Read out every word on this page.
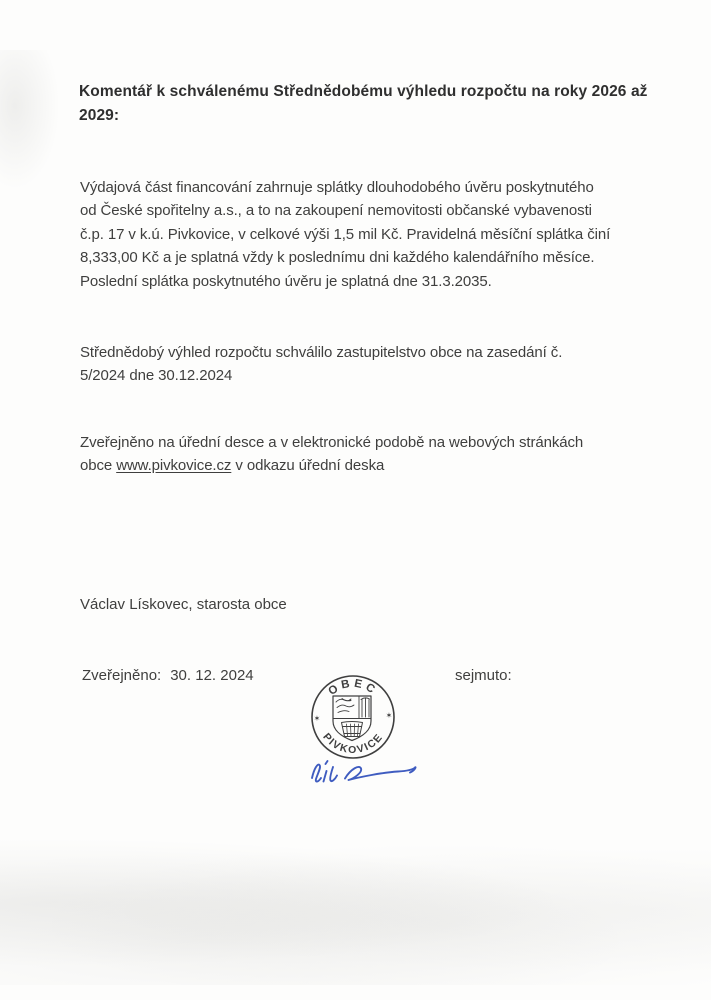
Komentář k schválenému Střednědobému výhledu rozpočtu na roky 2026 až
2029:
Výdajová část financování zahrnuje splátky dlouhodobého úvěru poskytnutého
od České spořitelny a.s., a to na zakoupení nemovitosti občanské vybavenosti
č.p. 17 v k.ú. Pivkovice, v celkové výši 1,5 mil Kč. Pravidelná měsíční splátka činí
8,333,00 Kč a je splatná vždy k poslednímu dni každého kalendářního měsíce.
Poslední splátka poskytnutého úvěru je splatná dne 31.3.2035.
Střednědobý výhled rozpočtu schválilo zastupitelstvo obce na zasedání č.
5/2024 dne 30.12.2024
Zveřejněno na úřední desce a v elektronické podobě na webových stránkách
obce www.pivkovice.cz v odkazu úřední deska
Václav Lískovec, starosta obce
Zveřejněno: 30. 12. 2024	sejmuto:
OBEC
PIVKOVICE
✶	✶
